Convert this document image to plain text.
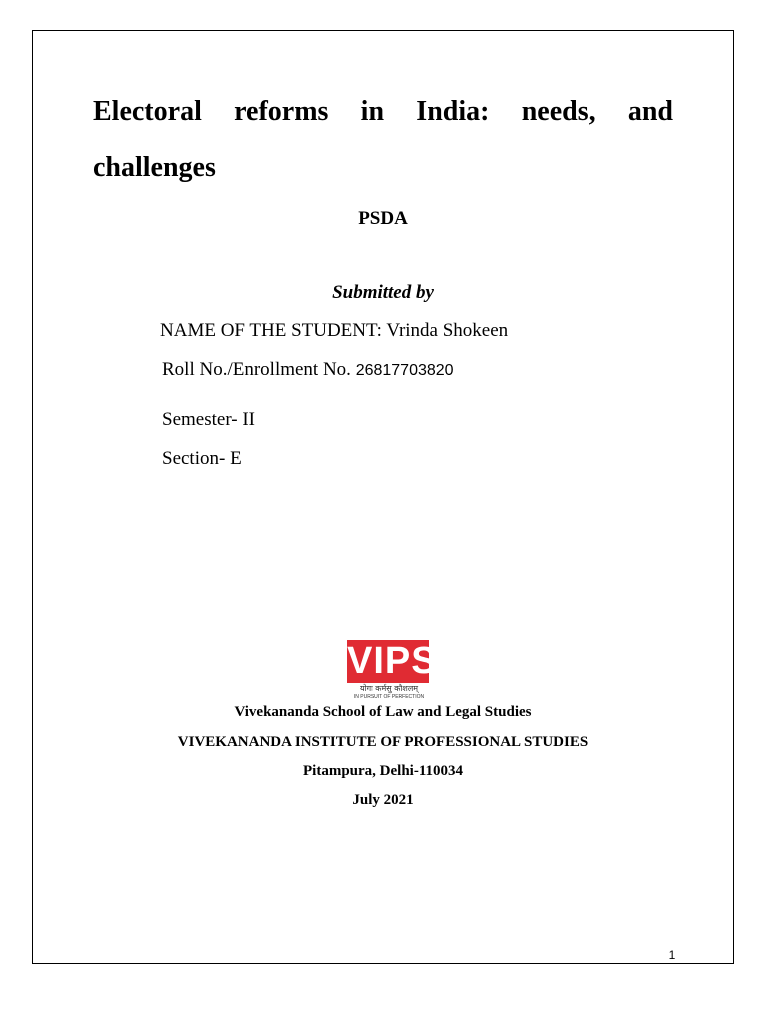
Electoral reforms in India: needs, and challenges

PSDA

Submitted by

NAME OF THE STUDENT: Vrinda Shokeen

Roll No./Enrollment No. 26817703820

Semester- II

Section- E

VIPS
योगः कर्मसु कौशलम्
IN PURSUIT OF PERFECTION

Vivekananda School of Law and Legal Studies

VIVEKANANDA INSTITUTE OF PROFESSIONAL STUDIES

Pitampura, Delhi-110034

July 2021

1
